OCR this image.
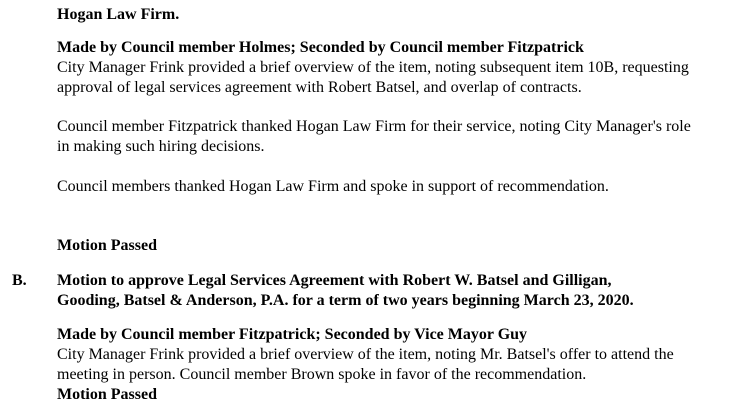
Hogan Law Firm.
Made by Council member Holmes; Seconded by Council member Fitzpatrick
City Manager Frink provided a brief overview of the item, noting subsequent item 10B, requesting
approval of legal services agreement with Robert Batsel, and overlap of contracts.
Council member Fitzpatrick thanked Hogan Law Firm for their service, noting City Manager's role
in making such hiring decisions.
Council members thanked Hogan Law Firm and spoke in support of recommendation.
Motion Passed
B. Motion to approve Legal Services Agreement with Robert W. Batsel and Gilligan,
Gooding, Batsel & Anderson, P.A. for a term of two years beginning March 23, 2020.
Made by Council member Fitzpatrick; Seconded by Vice Mayor Guy
City Manager Frink provided a brief overview of the item, noting Mr. Batsel's offer to attend the
meeting in person. Council member Brown spoke in favor of the recommendation.
Motion Passed
